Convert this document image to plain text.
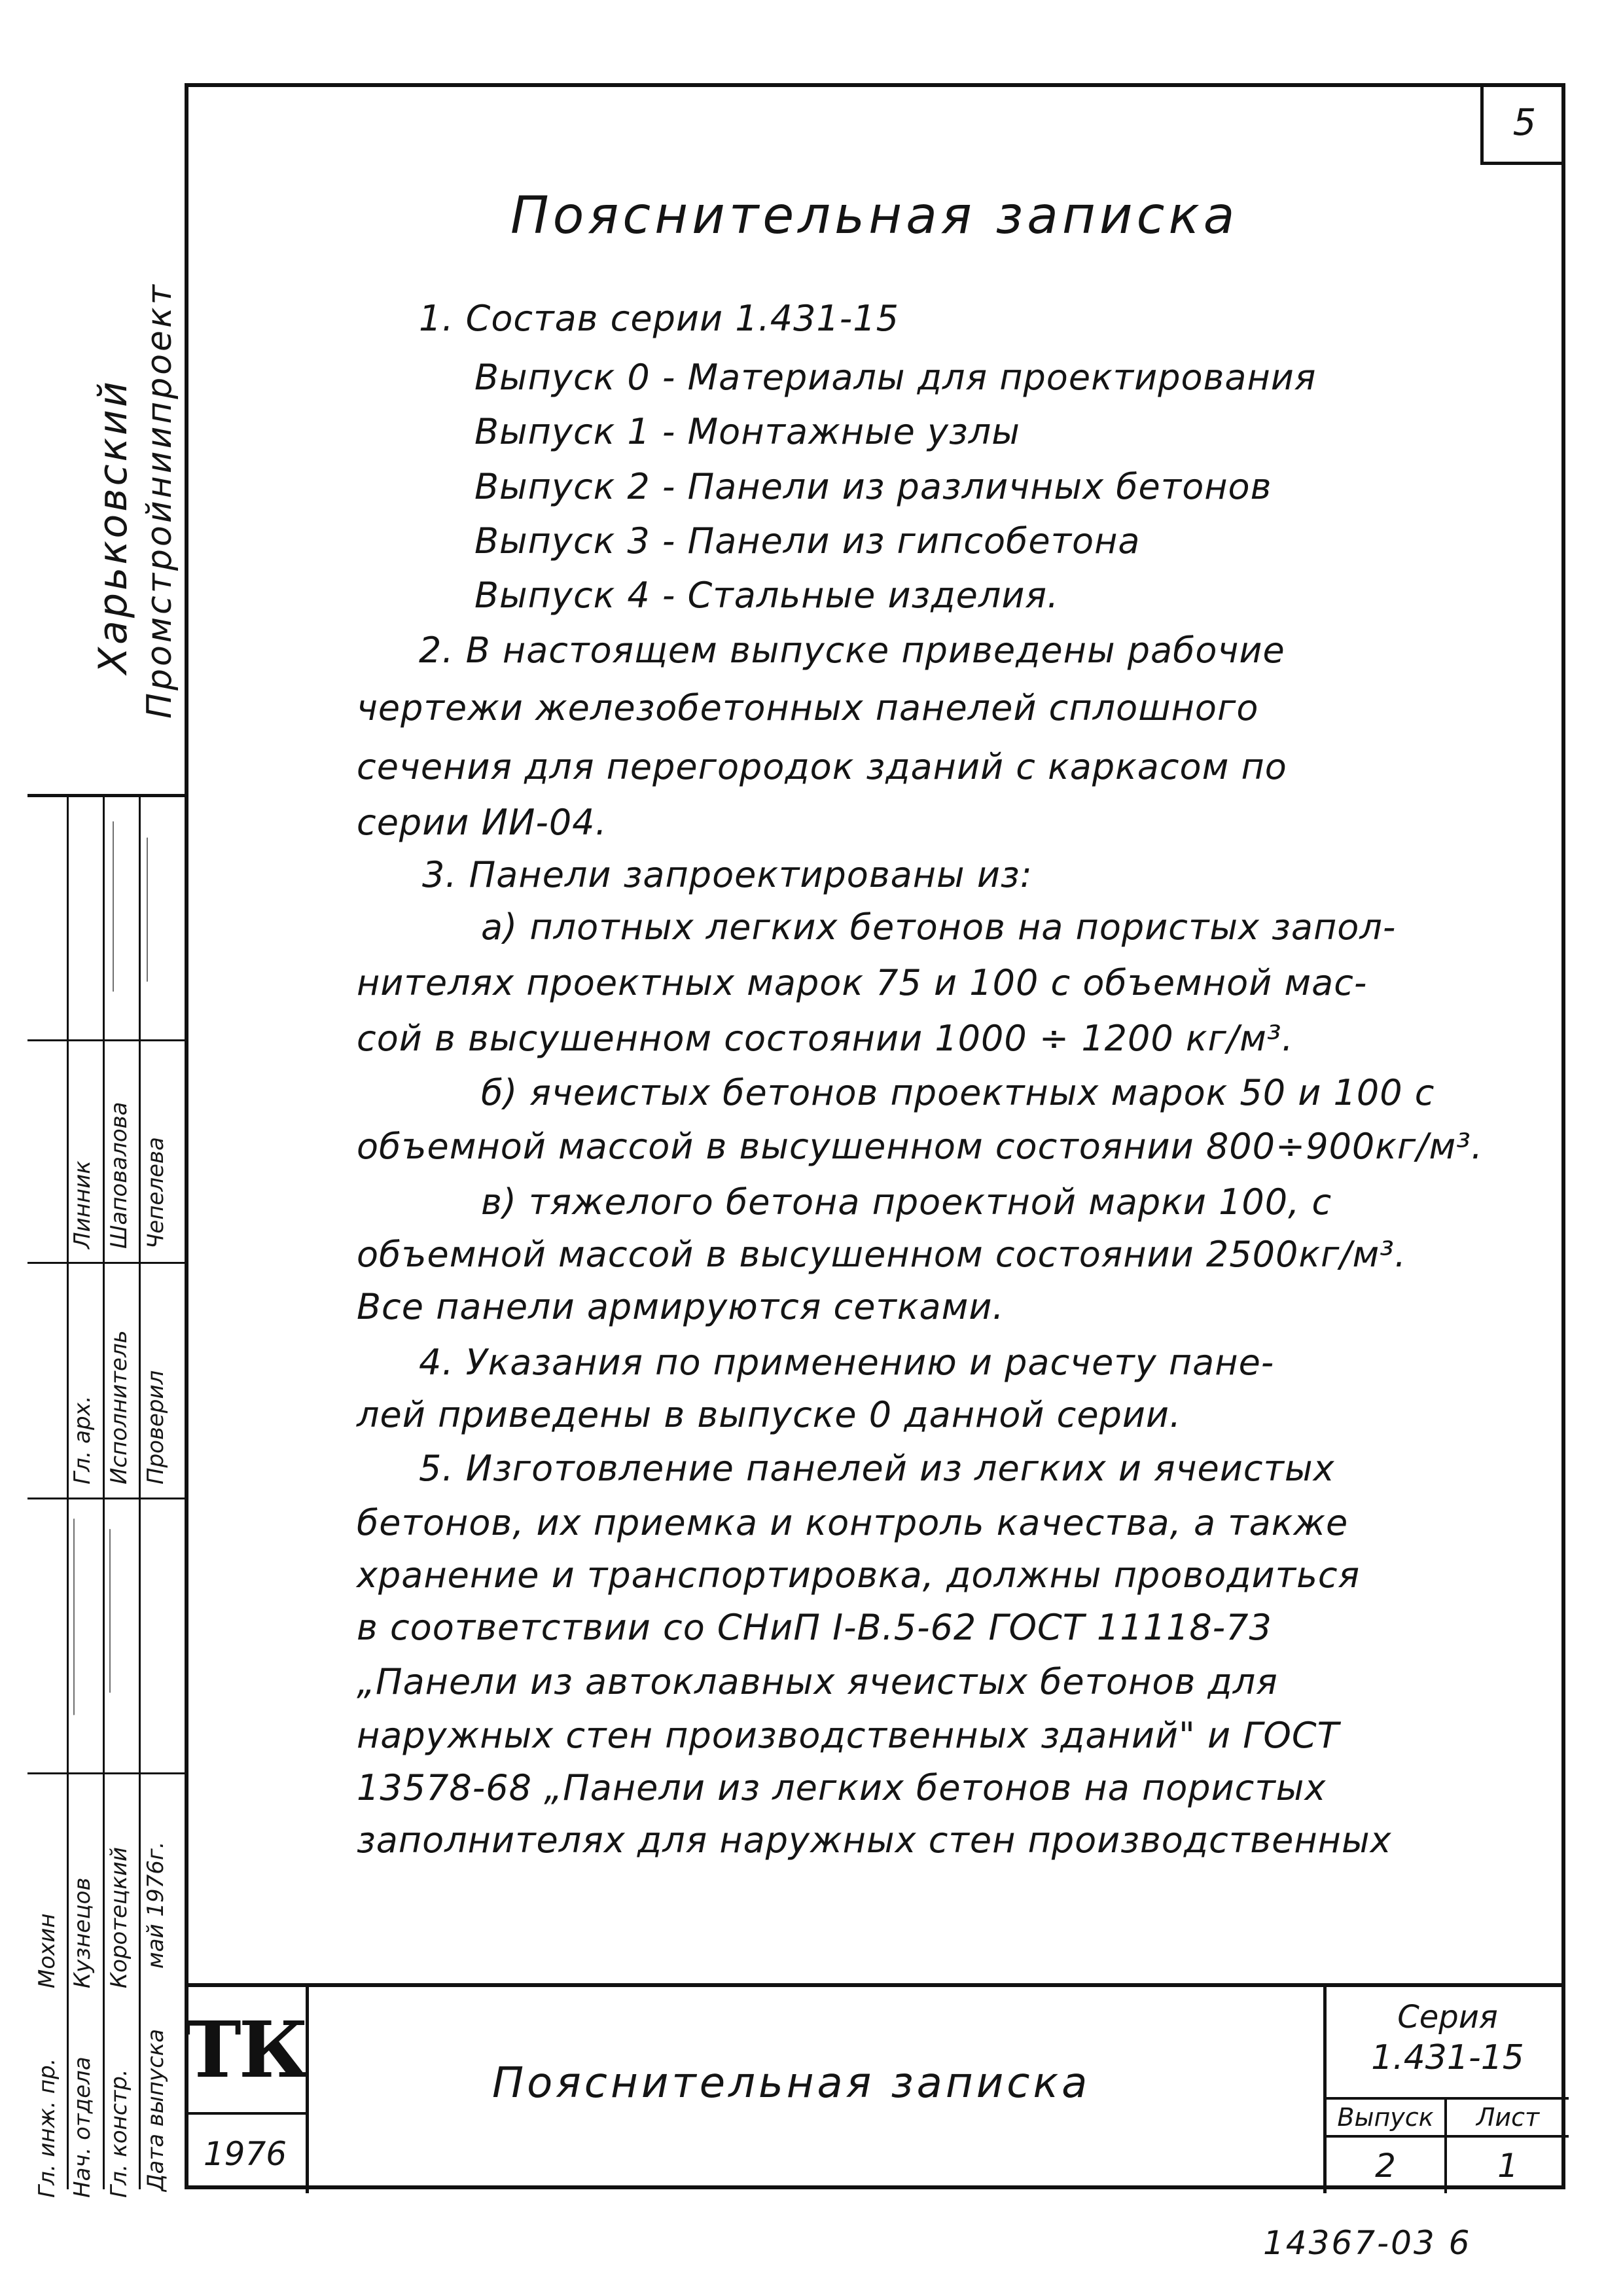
5
Харьковский Промстройниипроект
Гл. инж. пр. Нач. отдела Гл. констр. Дата выпуска
Мохин Кузнецов Коротецкий май 1976г.
Гл. арх. Исполнитель Проверил
Линник Шаповалова Чепелева
Пояснительная записка
1. Состав серии 1.431-15
Выпуск 0 - Материалы для проектирования
Выпуск 1 - Монтажные узлы
Выпуск 2 - Панели из различных бетонов
Выпуск 3 - Панели из гипсобетона
Выпуск 4 - Стальные изделия.
2. В настоящем выпуске приведены рабочие
чертежи железобетонных панелей сплошного
сечения для перегородок зданий с каркасом по
серии ИИ-04.
3. Панели запроектированы из:
а) плотных легких бетонов на пористых запол-
нителях проектных марок 75 и 100 с объемной мас-
сой в высушенном состоянии 1000 ÷ 1200 кг/м³.
б) ячеистых бетонов проектных марок 50 и 100 с
объемной массой в высушенном состоянии 800÷900кг/м³.
в) тяжелого бетона проектной марки 100, с
объемной массой в высушенном состоянии 2500кг/м³.
Все панели армируются сетками.
4. Указания по применению и расчету пане-
лей приведены в выпуске 0 данной серии.
5. Изготовление панелей из легких и ячеистых
бетонов, их приемка и контроль качества, а также
хранение и транспортировка, должны проводиться
в соответствии со СНиП I-В.5-62 ГОСТ 11118-73
„Панели из автоклавных ячеистых бетонов для
наружных стен производственных зданий" и ГОСТ
13578-68 „Панели из легких бетонов на пористых
заполнителях для наружных стен производственных
ТК
1976
Пояснительная записка
Серия
1.431-15
Выпуск	Лист
2	1
14367-03 6
